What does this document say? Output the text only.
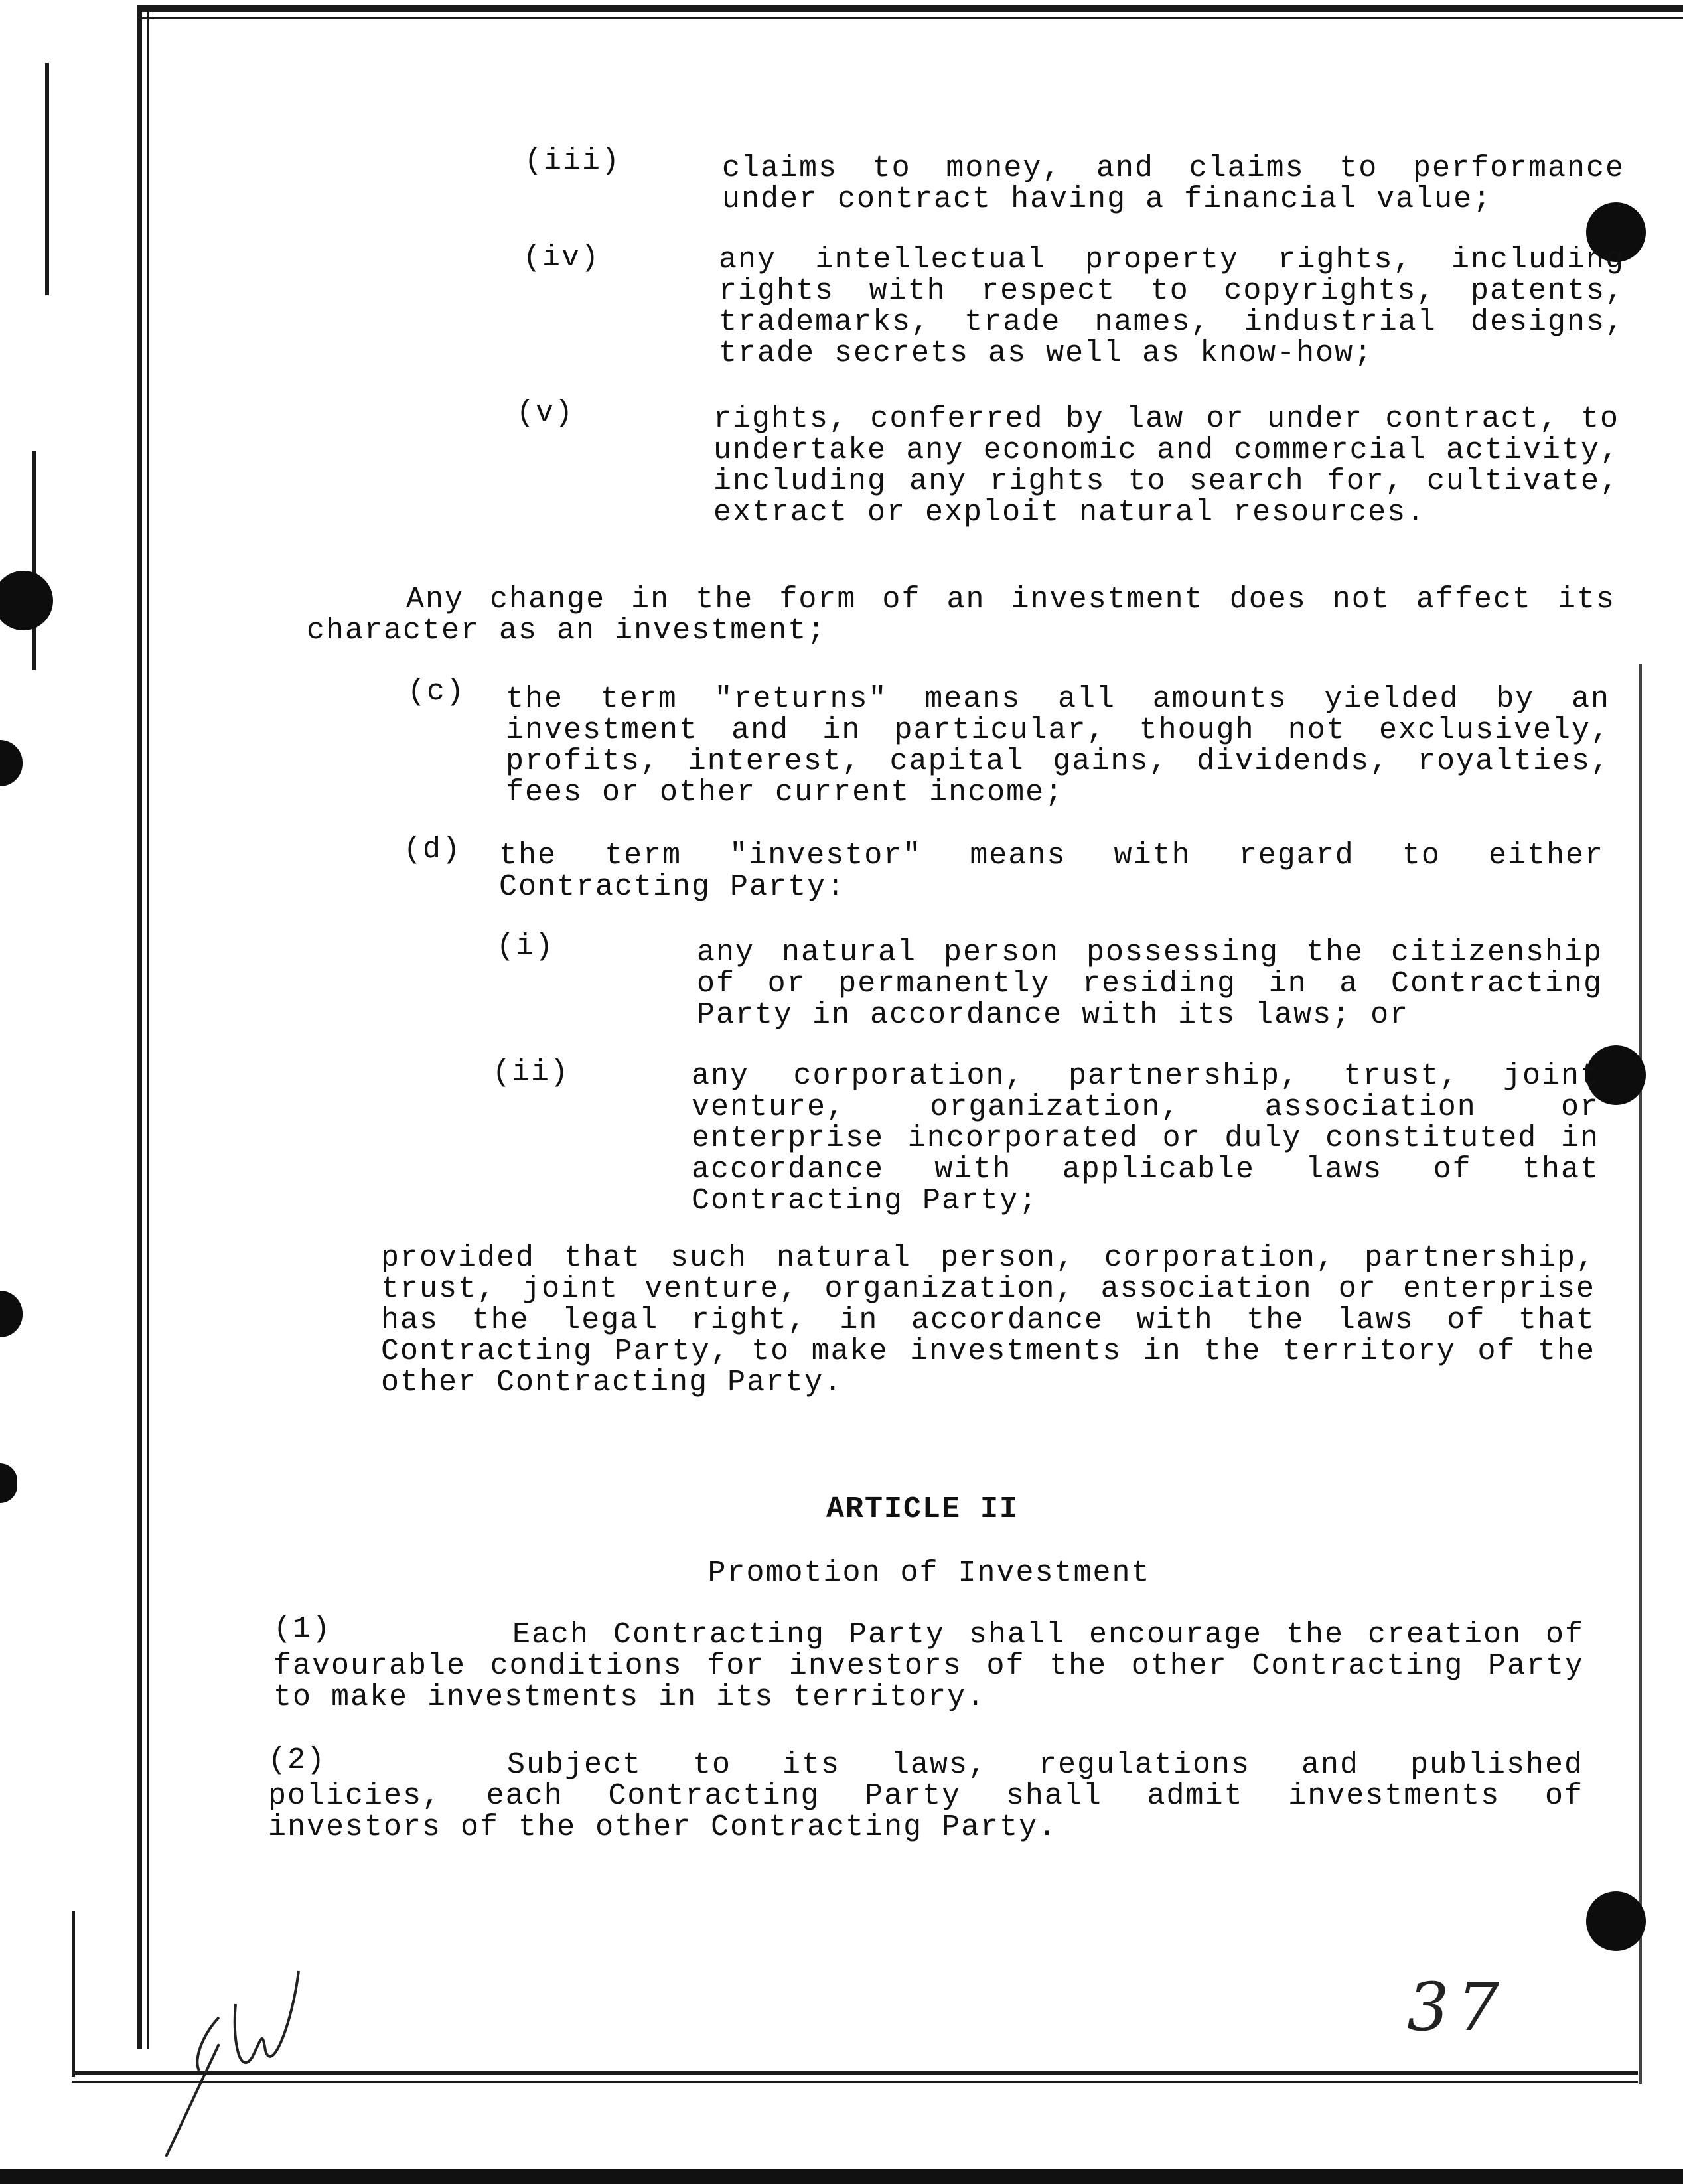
(iii)	claims to money, and claims to performance under contract having a financial value;
(iv)	any intellectual property rights, including rights with respect to copyrights, patents, trademarks, trade names, industrial designs, trade secrets as well as know-how;
(v)	rights, conferred by law or under contract, to undertake any economic and commercial activity, including any rights to search for, cultivate, extract or exploit natural resources.
Any change in the form of an investment does not affect its character as an investment;
(c) the term "returns" means all amounts yielded by an investment and in particular, though not exclusively, profits, interest, capital gains, dividends, royalties, fees or other current income;
(d) the term "investor" means with regard to either Contracting Party:
(i)	any natural person possessing the citizenship of or permanently residing in a Contracting Party in accordance with its laws; or
(ii)	any corporation, partnership, trust, joint venture, organization, association or enterprise incorporated or duly constituted in accordance with applicable laws of that Contracting Party;
provided that such natural person, corporation, partnership, trust, joint venture, organization, association or enterprise has the legal right, in accordance with the laws of that Contracting Party, to make investments in the territory of the other Contracting Party.
ARTICLE II
Promotion of Investment
(1)	Each Contracting Party shall encourage the creation of favourable conditions for investors of the other Contracting Party to make investments in its territory.
(2)	Subject to its laws, regulations and published policies, each Contracting Party shall admit investments of investors of the other Contracting Party.
37
